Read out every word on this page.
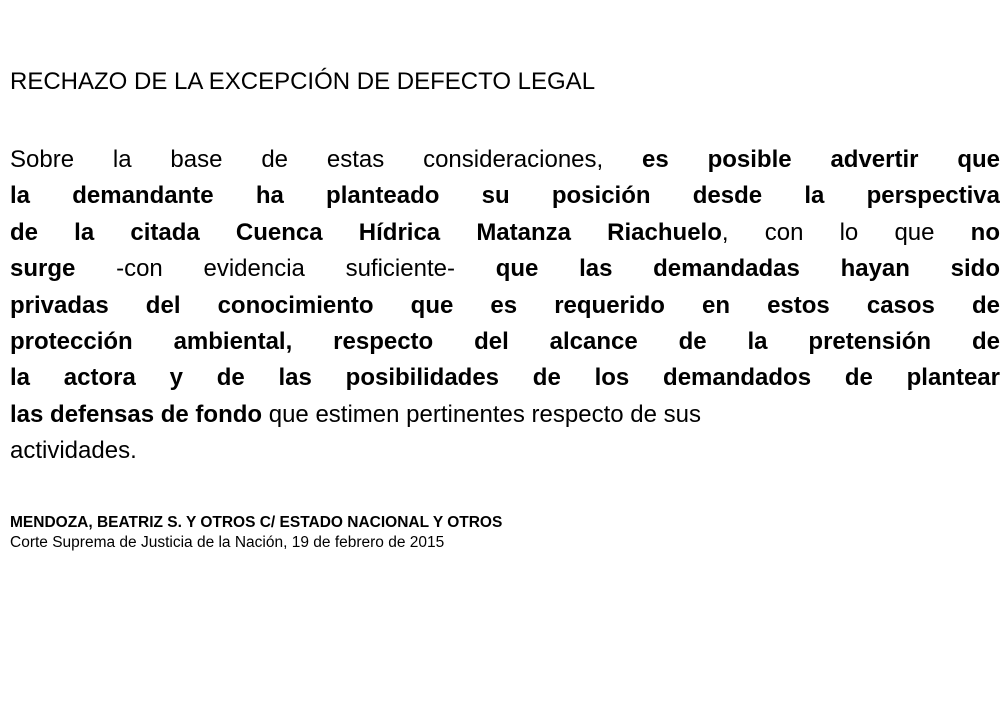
RECHAZO DE LA EXCEPCIÓN DE DEFECTO LEGAL

Sobre la base de estas consideraciones, es posible advertir que
la demandante ha planteado su posición desde la perspectiva
de la citada Cuenca Hídrica Matanza Riachuelo, con lo que no
surge -con evidencia suficiente- que las demandadas hayan sido
privadas del conocimiento que es requerido en estos casos de
protección ambiental, respecto del alcance de la pretensión de
la actora y de las posibilidades de los demandados de plantear
las defensas de fondo que estimen pertinentes respecto de sus
actividades.

MENDOZA, BEATRIZ S. Y OTROS C/ ESTADO NACIONAL Y OTROS
Corte Suprema de Justicia de la Nación, 19 de febrero de 2015
